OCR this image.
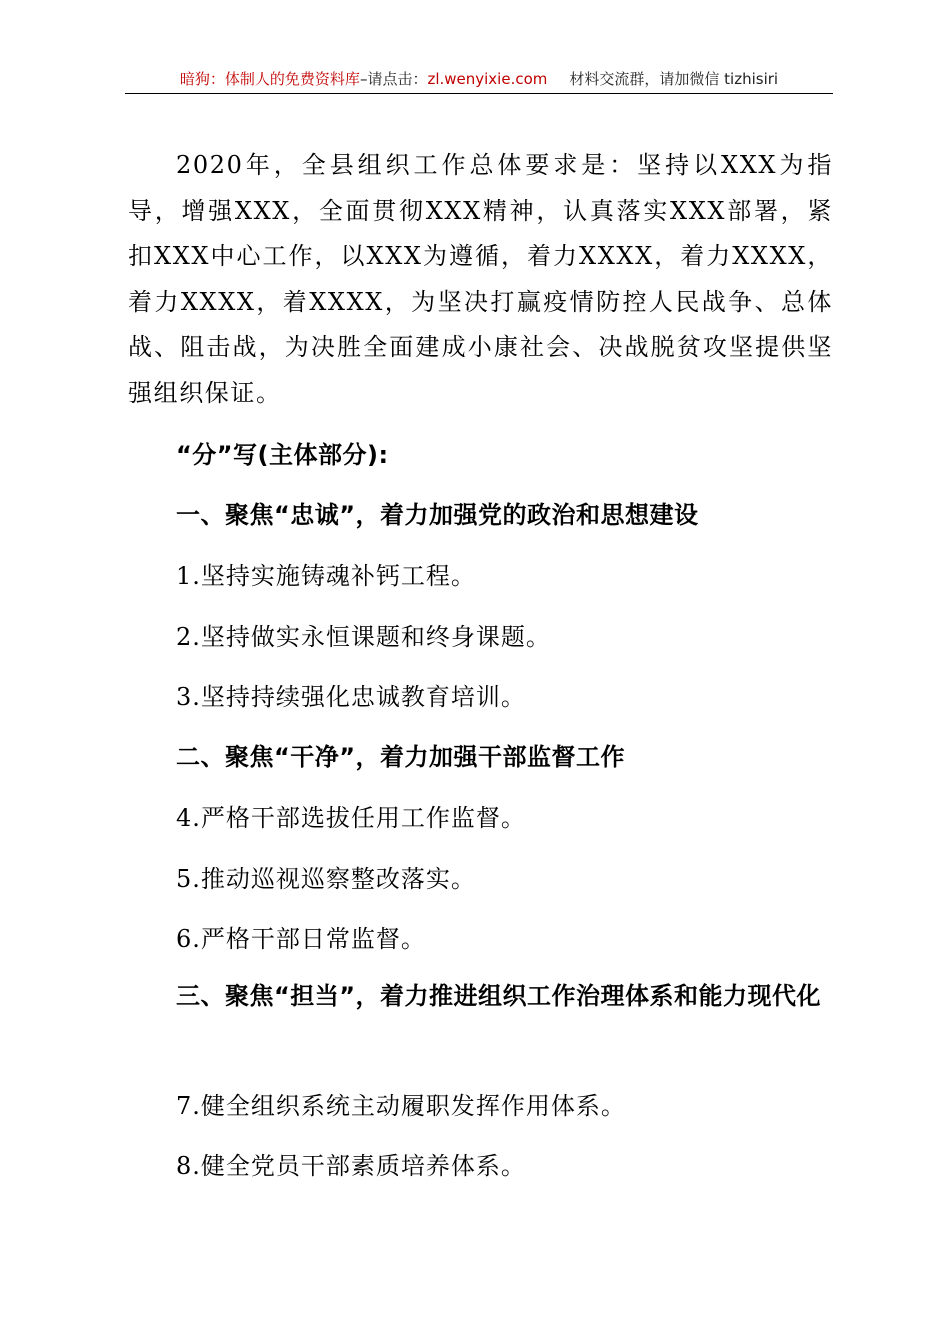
暗狗：体制人的免费资料库–请点击：zl.wenyixie.com 材料交流群，请加微信 tizhisiri

2020年，全县组织工作总体要求是：坚持以XXX为指导，增强XXX，全面贯彻XXX精神，认真落实XXX部署，紧扣XXX中心工作，以XXX为遵循，着力XXXX，着力XXXX，着力XXXX，着XXXX，为坚决打赢疫情防控人民战争、总体战、阻击战，为决胜全面建成小康社会、决战脱贫攻坚提供坚强组织保证。

“分”写(主体部分):

一、聚焦“忠诚”，着力加强党的政治和思想建设

1.坚持实施铸魂补钙工程。

2.坚持做实永恒课题和终身课题。

3.坚持持续强化忠诚教育培训。

二、聚焦“干净”，着力加强干部监督工作

4.严格干部选拔任用工作监督。

5.推动巡视巡察整改落实。

6.严格干部日常监督。

三、聚焦“担当”，着力推进组织工作治理体系和能力现代化

7.健全组织系统主动履职发挥作用体系。

8.健全党员干部素质培养体系。
